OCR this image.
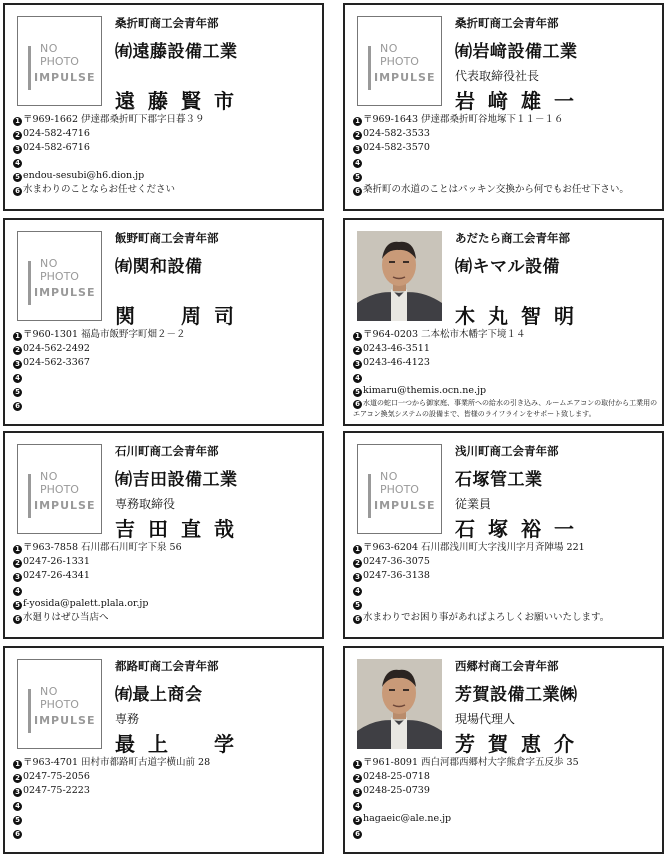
NO
PHOTO
IMPULSE
桑折町商工会青年部
㈲遠藤設備工業
遠藤賢市
1 〒969-1662 伊達郡桑折町下郡字日暮３９
2 024-582-4716
3 024-582-6716
4
5 endou-sesubi@h6.dion.jp
6 水まわりのことならお任せください
NO
PHOTO
IMPULSE
桑折町商工会青年部
㈲岩﨑設備工業
代表取締役社長
岩﨑雄一
1 〒969-1643 伊達郡桑折町谷地塚下１１－１６
2 024-582-3533
3 024-582-3570
4
5
6 桑折町の水道のことはパッキン交換から何でもお任せ下さい。
NO
PHOTO
IMPULSE
飯野町商工会青年部
㈲関和設備
関　周司
1 〒960-1301 福島市飯野字町畑２－２
2 024-562-2492
3 024-562-3367
4
5
6
あだたら商工会青年部
㈲キマル設備
木丸智明
1 〒964-0203 二本松市木幡字下境１４
2 0243-46-3511
3 0243-46-4123
4
5 kimaru@themis.ocn.ne.jp
6 水道の蛇口一つから御家庭、事業所への給水の引き込み、ルームエアコンの取付から工業用のエアコン換気システムの設備まで、皆様のライフラインをサポート致します。
NO
PHOTO
IMPULSE
石川町商工会青年部
㈲吉田設備工業
専務取締役
吉田直哉
1 〒963-7858 石川郡石川町字下泉 56
2 0247-26-1331
3 0247-26-4341
4
5 f-yosida@palett.plala.or.jp
6 水廻りはぜひ当店へ
NO
PHOTO
IMPULSE
浅川町商工会青年部
石塚管工業
従業員
石塚裕一
1 〒963-6204 石川郡浅川町大字浅川字月斉陣場 221
2 0247-36-3075
3 0247-36-3138
4
5
6 水まわりでお困り事があればよろしくお願いいたします。
NO
PHOTO
IMPULSE
都路町商工会青年部
㈲最上商会
専務
最上　学
1 〒963-4701 田村市都路町古道字横山前 28
2 0247-75-2056
3 0247-75-2223
4
5
6
西郷村商工会青年部
芳賀設備工業㈱
現場代理人
芳賀恵介
1 〒961-8091 西白河郡西郷村大字熊倉字五反歩 35
2 0248-25-0718
3 0248-25-0739
4
5 hagaeic@ale.ne.jp
6
